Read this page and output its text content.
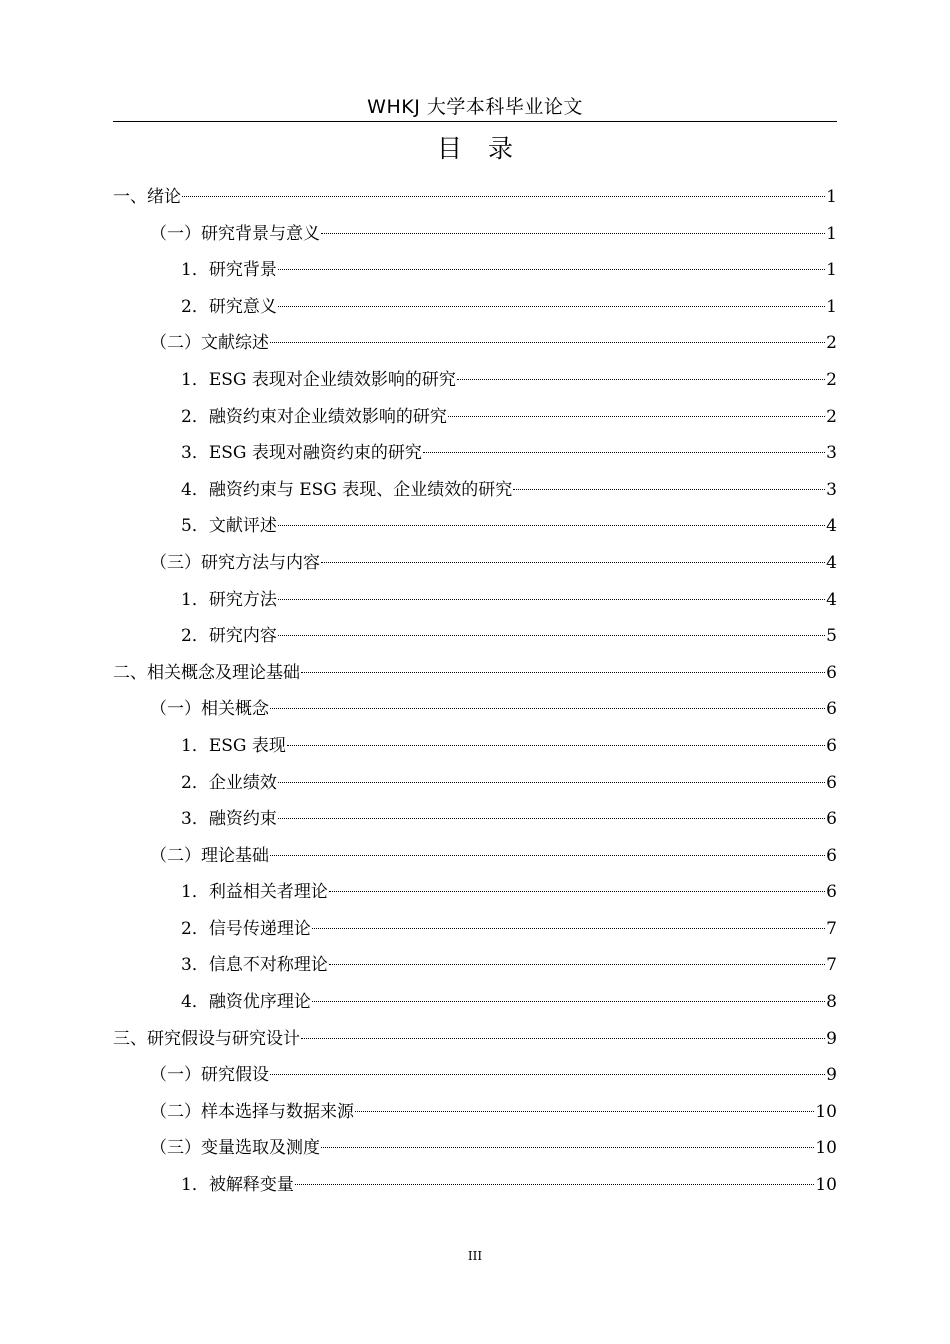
WHKJ 大学本科毕业论文
目录
一、绪论	1
（一）研究背景与意义	1
1．研究背景	1
2．研究意义	1
（二）文献综述	2
1．ESG 表现对企业绩效影响的研究	2
2．融资约束对企业绩效影响的研究	2
3．ESG 表现对融资约束的研究	3
4．融资约束与 ESG 表现、企业绩效的研究	3
5．文献评述	4
（三）研究方法与内容	4
1．研究方法	4
2．研究内容	5
二、相关概念及理论基础	6
（一）相关概念	6
1．ESG 表现	6
2．企业绩效	6
3．融资约束	6
（二）理论基础	6
1．利益相关者理论	6
2．信号传递理论	7
3．信息不对称理论	7
4．融资优序理论	8
三、研究假设与研究设计	9
（一）研究假设	9
（二）样本选择与数据来源	10
（三）变量选取及测度	10
1．被解释变量	10
III
